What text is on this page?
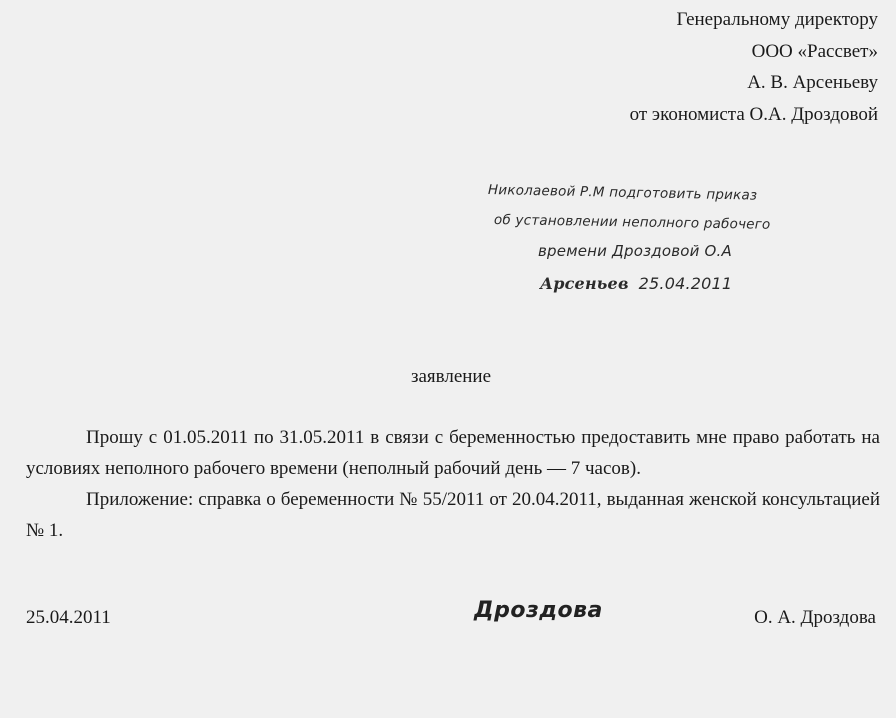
Генеральному директору
ООО «Рассвет»
А. В. Арсеньеву
от экономиста О.А. Дроздовой
Николаевой Р.М подготовить приказ
об установлении неполного рабочего
времени Дроздовой О.А
Арсеньев 25.04.2011
заявление

Прошу с 01.05.2011 по 31.05.2011 в связи с беременностью предоставить мне право работать на условиях неполного рабочего времени (неполный рабочий день — 7 часов).

Приложение: справка о беременности № 55/2011 от 20.04.2011, выданная женской консультацией № 1.

25.04.2011	Дроздова	О. А. Дроздова
